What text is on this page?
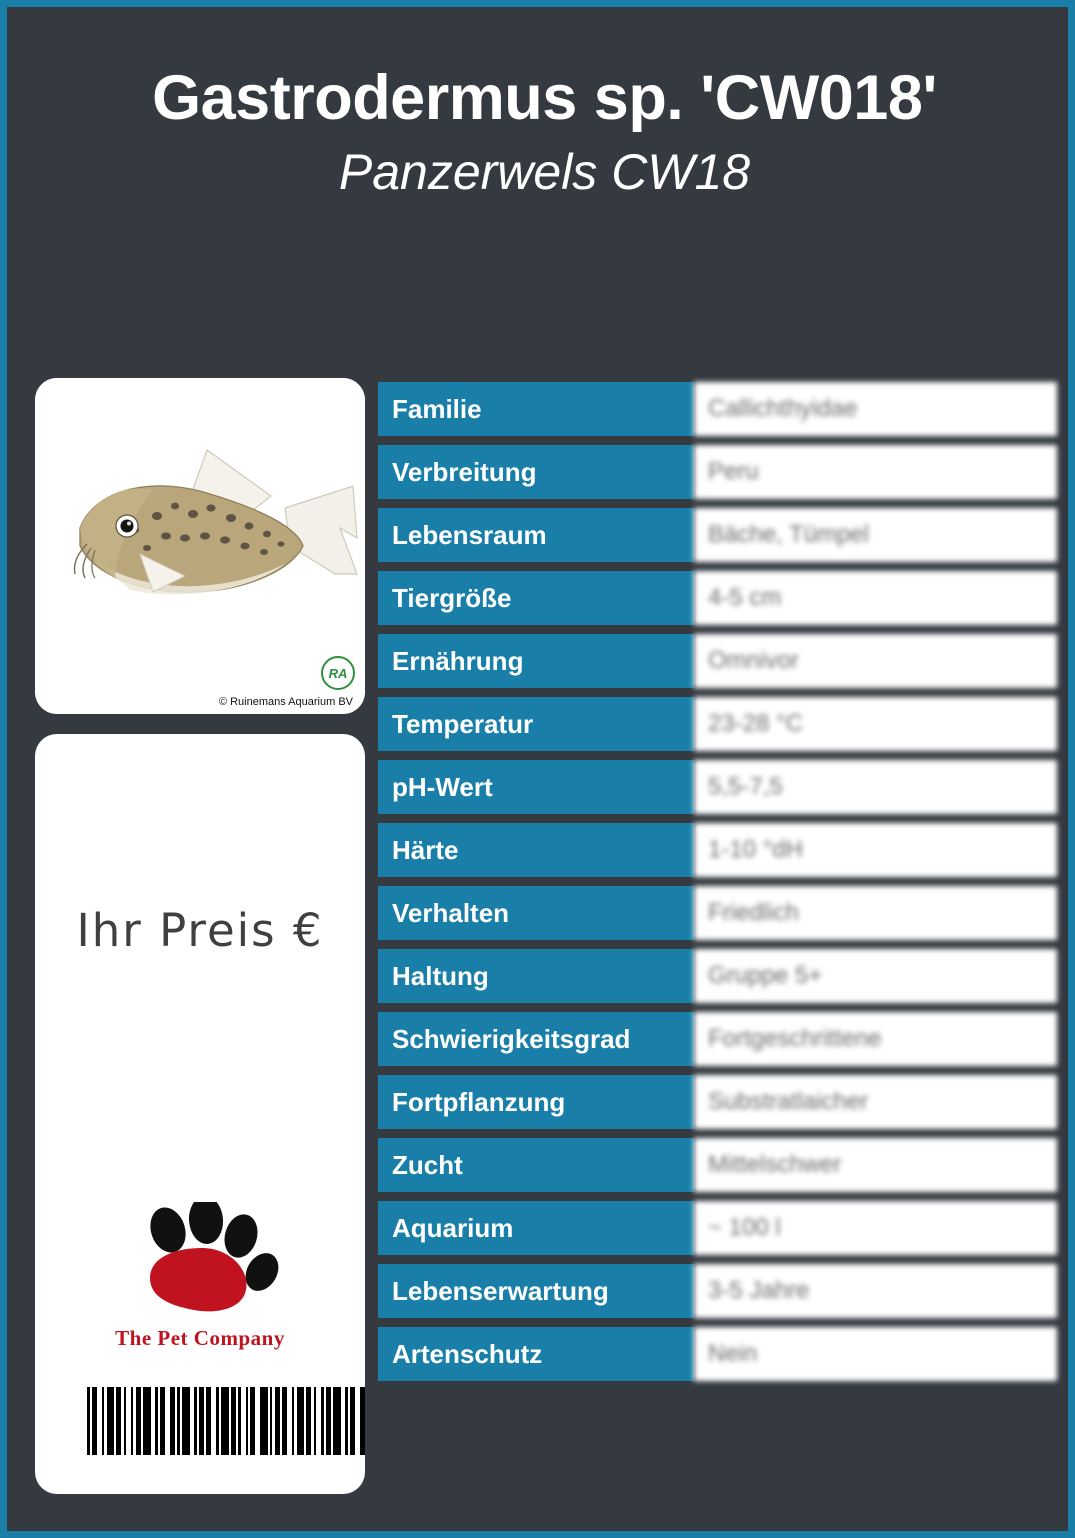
Gastrodermus sp. 'CW018'
Panzerwels CW18
RA
© Ruinemans Aquarium BV
Ihr Preis €
The Pet Company
Familie	Callichthyidae
Verbreitung	Peru
Lebensraum	Bäche, Tümpel
Tiergröße	4-5 cm
Ernährung	Omnivor
Temperatur	23-28 °C
pH-Wert	5,5-7,5
Härte	1-10 °dH
Verhalten	Friedlich
Haltung	Gruppe 5+
Schwierigkeitsgrad	Fortgeschrittene
Fortpflanzung	Substratlaicher
Zucht	Mittelschwer
Aquarium	~ 100 l
Lebenserwartung	3-5 Jahre
Artenschutz	Nein
